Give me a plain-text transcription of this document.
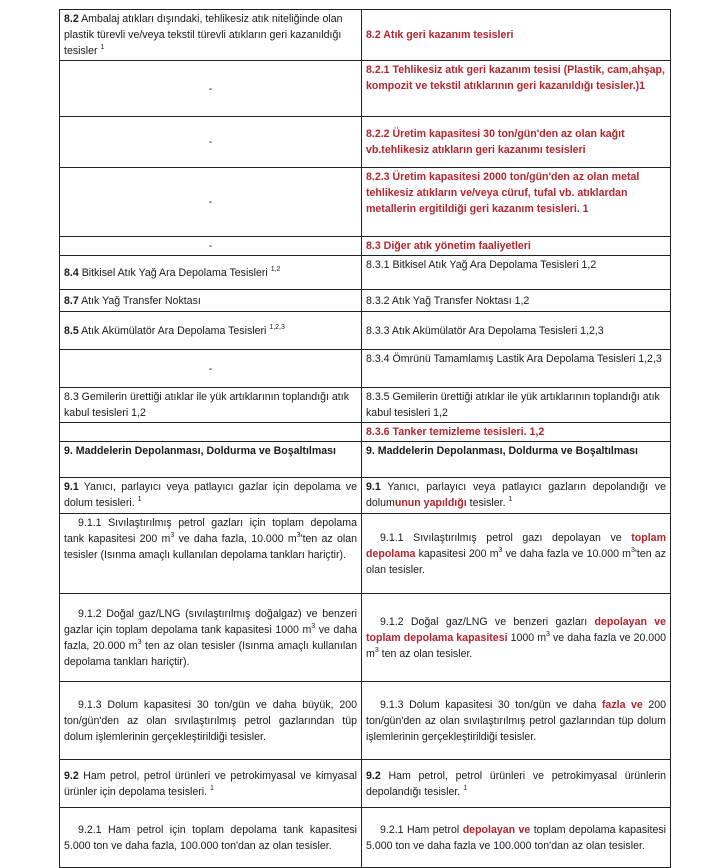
8.2 Ambalaj atıkları dışındaki, tehlikesiz atık niteliğinde olan plastik türevli ve/veya tekstil türevli atıkların geri kazanıldığı tesisler $^1$	8.2 Atık geri kazanım tesisleri
-	8.2.1 Tehlikesiz atık geri kazanım tesisi (Plastik, cam,ahşap, kompozit ve tekstil atıklarının geri kazanıldığı tesisler.)1
-	8.2.2 Üretim kapasitesi 30 ton/gün'den az olan kağıt vb.tehlikesiz atıkların geri kazanımı tesisleri
-	8.2.3 Üretim kapasitesi 2000 ton/gün'den az olan metal tehlikesiz atıkların ve/veya cüruf, tufal vb. atıklardan metallerin ergitildiği geri kazanım tesisleri. 1
-	8.3 Diğer atık yönetim faaliyetleri
8.4 Bitkisel Atık Yağ Ara Depolama Tesisleri $^{1,2}$	8.3.1 Bitkisel Atık Yağ Ara Depolama Tesisleri 1,2
8.7 Atık Yağ Transfer Noktası	8.3.2 Atık Yağ Transfer Noktası 1,2
8.5 Atık Akümülatör Ara Depolama Tesisleri $^{1,2,3}$	8.3.3 Atık Akümülatör Ara Depolama Tesisleri 1,2,3
-	8.3.4 Ömrünü Tamamlamış Lastik Ara Depolama Tesisleri 1,2,3
8.3 Gemilerin ürettiği atıklar ile yük artıklarının toplandığı atık kabul tesisleri 1,2	8.3.5 Gemilerin ürettiği atıklar ile yük artıklarının toplandığı atık kabul tesisleri 1,2
	8.3.6 Tanker temizleme tesisleri. 1,2
9. Maddelerin Depolanması, Doldurma ve Boşaltılması	9. Maddelerin Depolanması, Doldurma ve Boşaltılması
9.1 Yanıcı, parlayıcı veya patlayıcı gazlar için depolama ve dolum tesisleri. $^1$	9.1 Yanıcı, parlayıcı veya patlayıcı gazların depolandığı ve dolumunun yapıldığı tesisler. $^1$
9.1.1 Sıvılaştırılmış petrol gazları için toplam depolama tank kapasitesi 200 $m^3$ ve daha fazla, 10.000 $m^3'ten$ az olan tesisler (Isınma amaçlı kullanılan depolama tankları hariçtir).	9.1.1 Sıvılaştırılmış petrol gazı depolayan ve toplam depolama kapasitesi 200 $m^3$ ve daha fazla ve 10.000 $m^3'ten$ az olan tesisler.
9.1.2 Doğal gaz/LNG (sıvılaştırılmış doğalgaz) ve benzeri gazlar için toplam depolama tank kapasitesi 1000 $m^3$ ve daha fazla, 20.000 $m^3$ ten az olan tesisler (Isınma amaçlı kullanılan depolama tankları hariçtir).	9.1.2 Doğal gaz/LNG ve benzeri gazları depolayan ve toplam depolama kapasitesi 1000 $m^3$ ve daha fazla ve 20.000 $m^3$ ten az olan tesisler.
9.1.3 Dolum kapasitesi 30 ton/gün ve daha büyük, 200 ton/gün'den az olan sıvılaştırılmış petrol gazlarından tüp dolum işlemlerinin gerçekleştirildiği tesisler.	9.1.3 Dolum kapasitesi 30 ton/gün ve daha fazla ve 200 ton/gün'den az olan sıvılaştırılmış petrol gazlarından tüp dolum işlemlerinin gerçekleştirildiği tesisler.
9.2 Ham petrol, petrol ürünleri ve petrokimyasal ve kimyasal ürünler için depolama tesisleri. $^1$	9.2 Ham petrol, petrol ürünleri ve petrokimyasal ürünlerin depolandığı tesisler. $^1$
9.2.1 Ham petrol için toplam depolama tank kapasitesi 5.000 ton ve daha fazla, 100.000 ton'dan az olan tesisler.	9.2.1 Ham petrol depolayan ve toplam depolama kapasitesi 5.000 ton ve daha fazla ve 100.000 ton'dan az olan tesisler.
